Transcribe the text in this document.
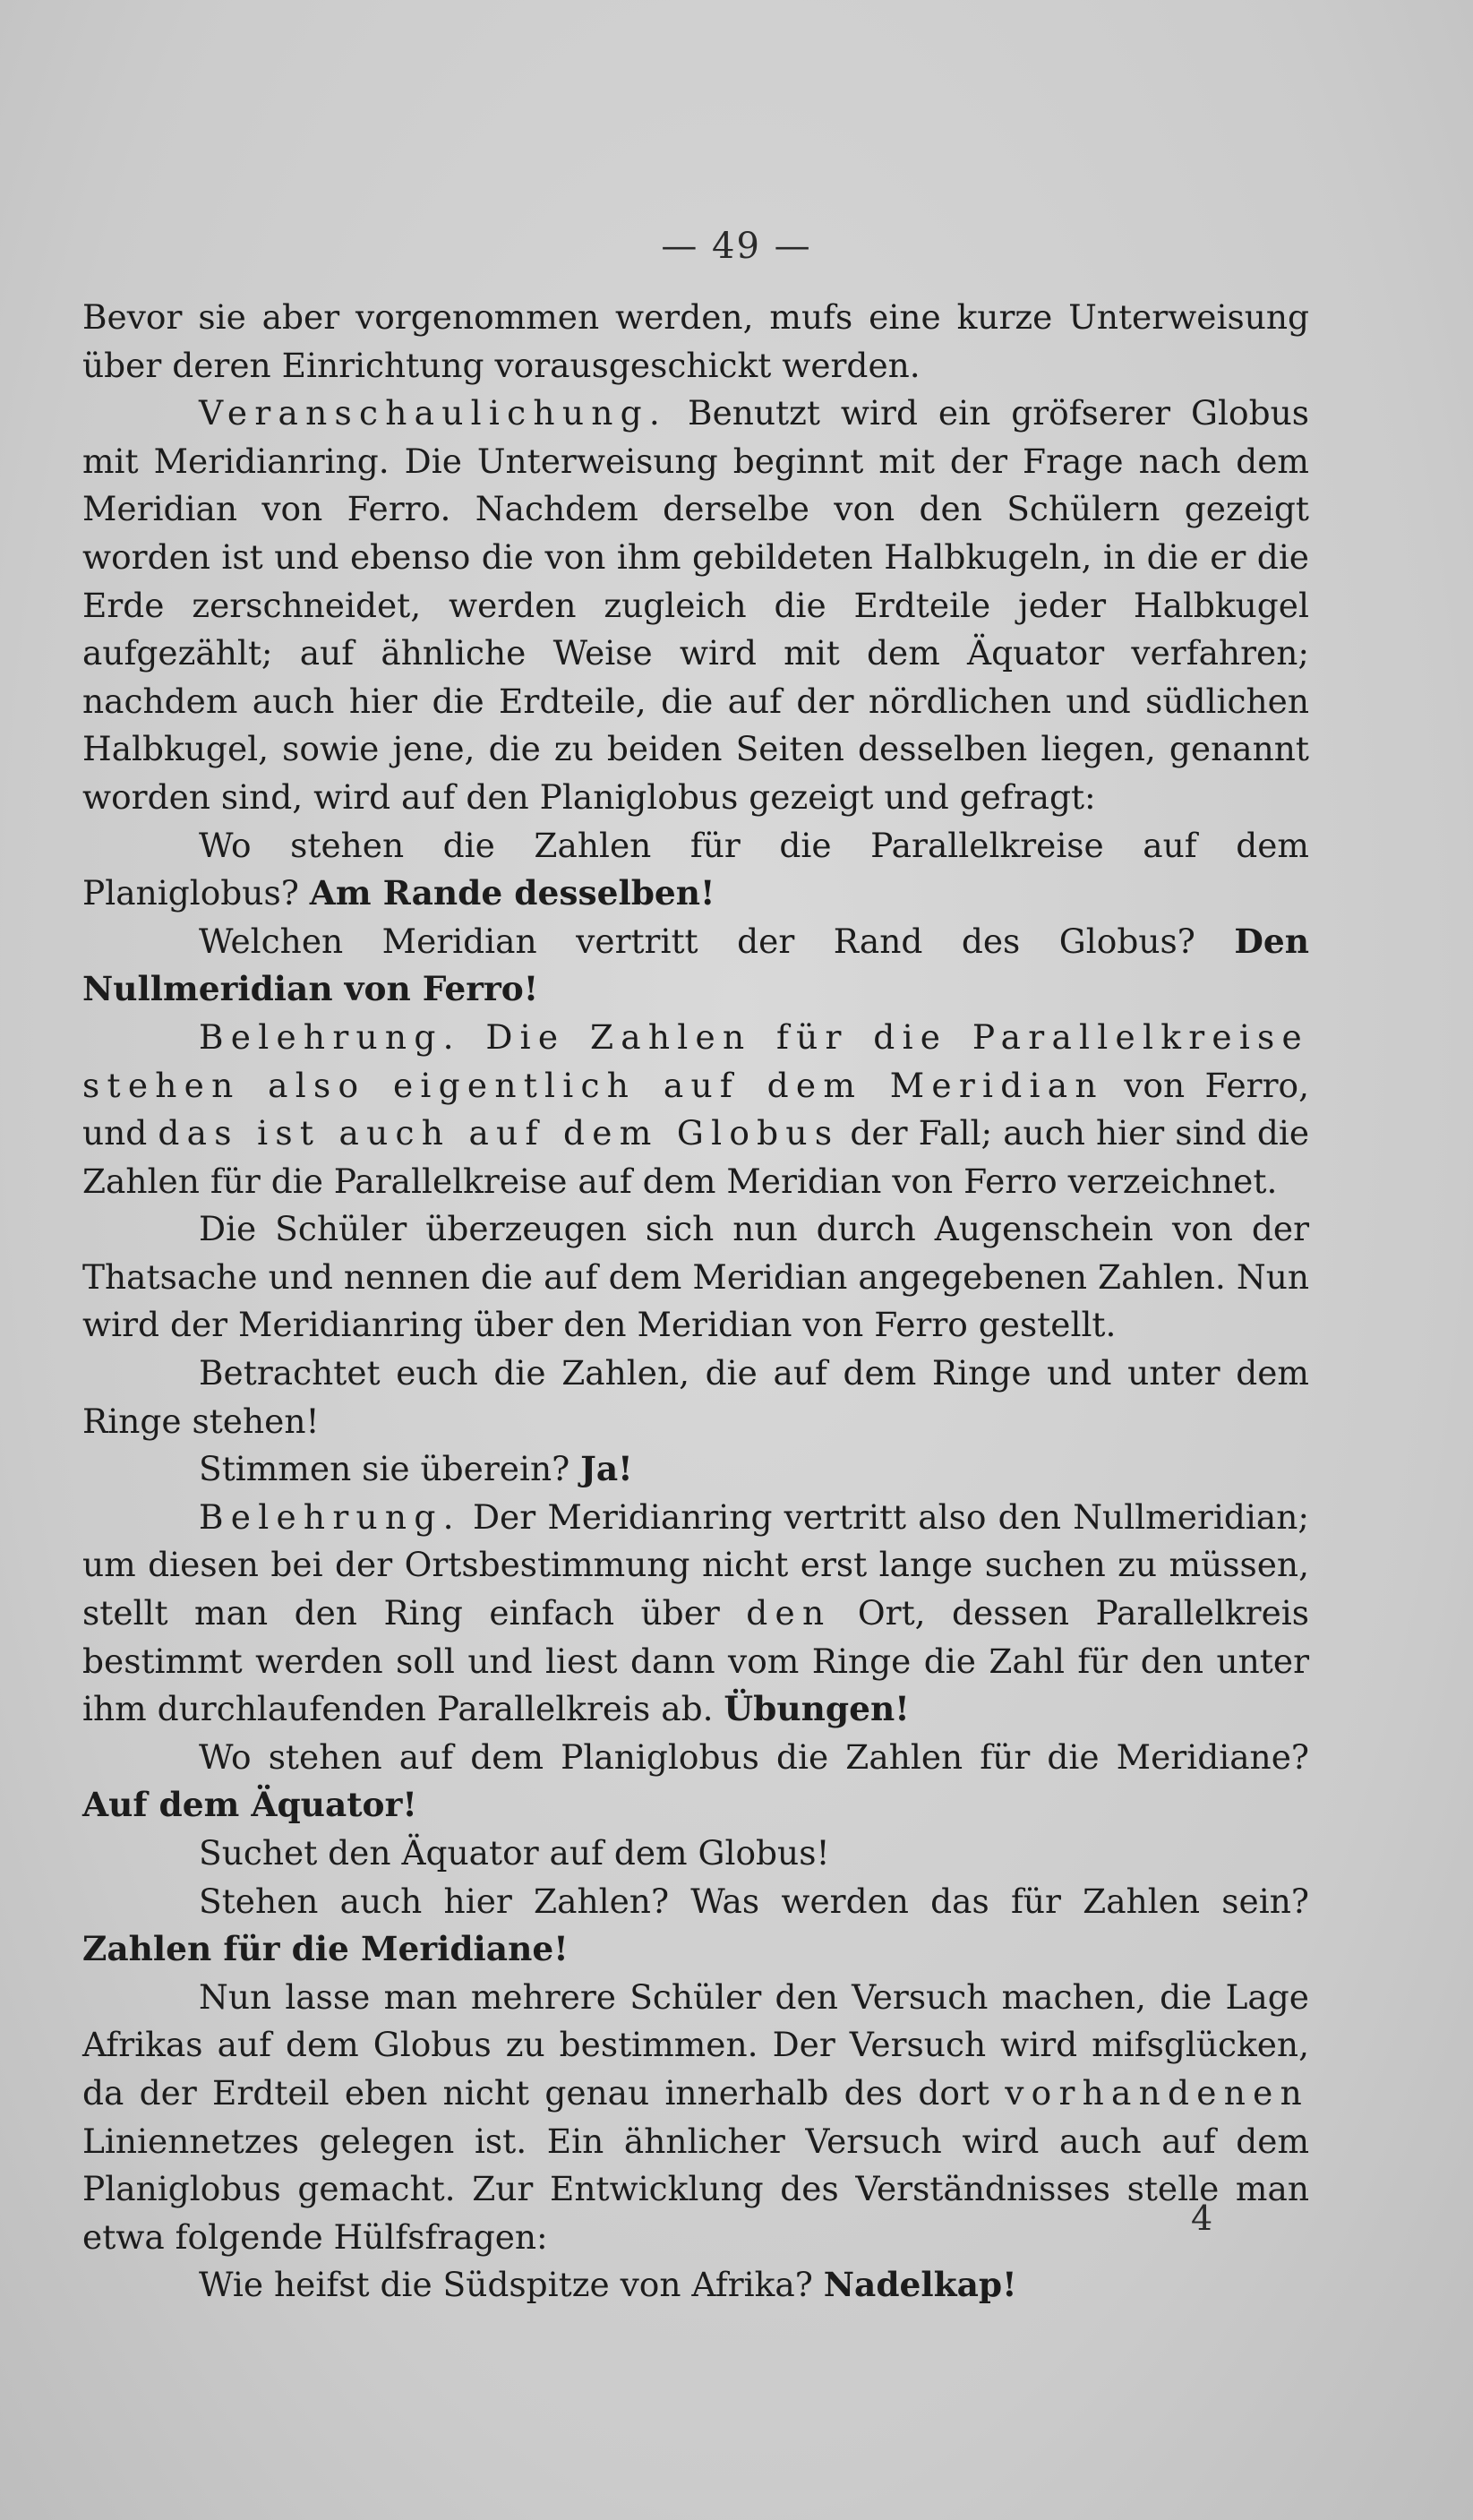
— 49 —

Bevor sie aber vorgenommen werden, mufs eine kurze Unterweisung über deren Einrichtung vorausgeschickt werden.

Veranschaulichung. Benutzt wird ein gröfserer Globus mit Meridianring. Die Unterweisung beginnt mit der Frage nach dem Meridian von Ferro. Nachdem derselbe von den Schülern gezeigt worden ist und ebenso die von ihm gebildeten Halbkugeln, in die er die Erde zerschneidet, werden zugleich die Erdteile jeder Halbkugel aufgezählt; auf ähnliche Weise wird mit dem Äquator verfahren; nachdem auch hier die Erdteile, die auf der nördlichen und südlichen Halbkugel, sowie jene, die zu beiden Seiten desselben liegen, genannt worden sind, wird auf den Planiglobus gezeigt und gefragt:

Wo stehen die Zahlen für die Parallelkreise auf dem Planiglobus? Am Rande desselben!

Welchen Meridian vertritt der Rand des Globus? Den Nullmeridian von Ferro!

Belehrung. Die Zahlen für die Parallelkreise stehen also eigentlich auf dem Meridian von Ferro, und das ist auch auf dem Globus der Fall; auch hier sind die Zahlen für die Parallelkreise auf dem Meridian von Ferro verzeichnet.

Die Schüler überzeugen sich nun durch Augenschein von der Thatsache und nennen die auf dem Meridian angegebenen Zahlen. Nun wird der Meridianring über den Meridian von Ferro gestellt.

Betrachtet euch die Zahlen, die auf dem Ringe und unter dem Ringe stehen!

Stimmen sie überein? Ja!

Belehrung. Der Meridianring vertritt also den Nullmeridian; um diesen bei der Ortsbestimmung nicht erst lange suchen zu müssen, stellt man den Ring einfach über den Ort, dessen Parallelkreis bestimmt werden soll und liest dann vom Ringe die Zahl für den unter ihm durchlaufenden Parallelkreis ab. Übungen!

Wo stehen auf dem Planiglobus die Zahlen für die Meridiane? Auf dem Äquator!

Suchet den Äquator auf dem Globus!

Stehen auch hier Zahlen? Was werden das für Zahlen sein? Zahlen für die Meridiane!

Nun lasse man mehrere Schüler den Versuch machen, die Lage Afrikas auf dem Globus zu bestimmen. Der Versuch wird mifsglücken, da der Erdteil eben nicht genau innerhalb des dort vorhandenen Liniennetzes gelegen ist. Ein ähnlicher Versuch wird auch auf dem Planiglobus gemacht. Zur Entwicklung des Verständnisses stelle man etwa folgende Hülfsfragen:

Wie heifst die Südspitze von Afrika? Nadelkap!

4
